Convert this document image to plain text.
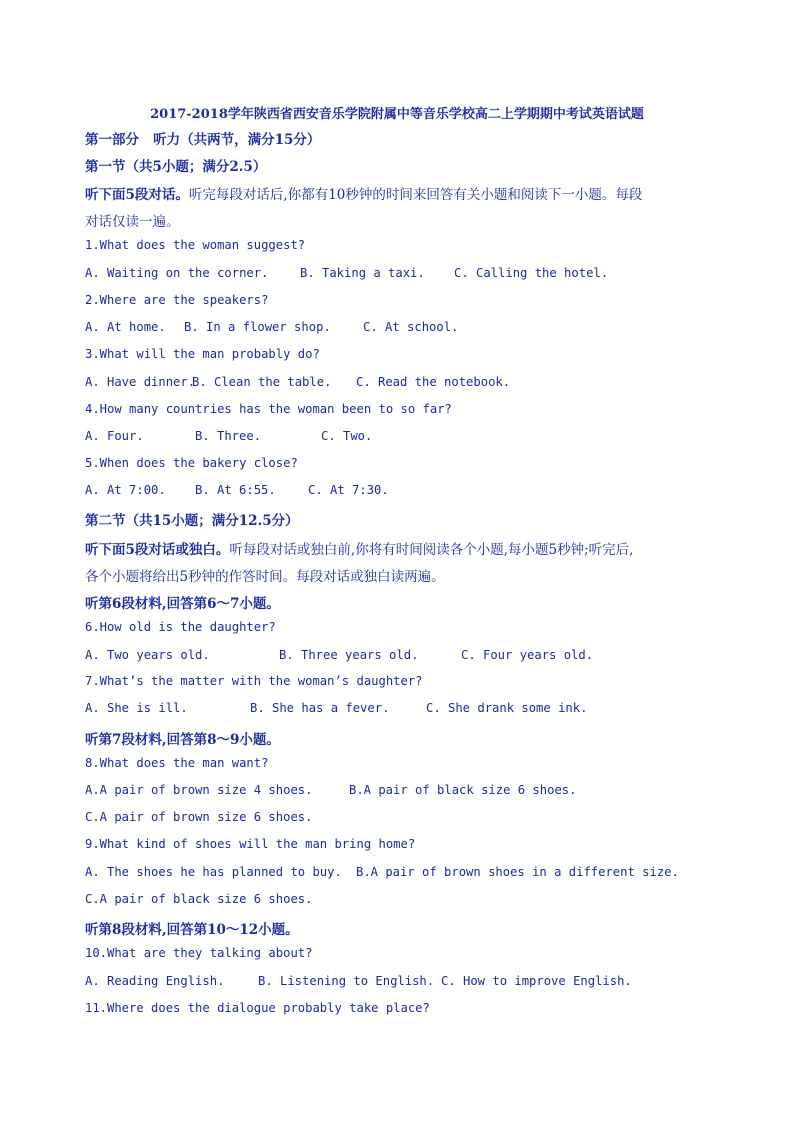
2017-2018学年陕西省西安音乐学院附属中等音乐学校高二上学期期中考试英语试题
第一部分   听力（共两节，满分15分）
第一节（共5小题；满分2.5）
听下面5段对话。听完每段对话后,你都有10秒钟的时间来回答有关小题和阅读下一小题。每段
对话仅读一遍。
1.What does the woman suggest?
A. Waiting on the corner.	B. Taking a taxi. C. Calling the hotel.
2.Where are the speakers?
A. At home. B. In a flower shop.	C. At school.
3.What will the man probably do?
A. Have dinner.
B. Clean the table. C. Read the notebook.
4.How many countries has the woman been to so far?
A. Four.	B. Three.	C. Two.
5.When does the bakery close?
A. At 7:00. B. At 6:55.	C. At 7:30.
第二节（共15小题；满分12.5分）
听下面5段对话或独白。听每段对话或独白前,你将有时间阅读各个小题,每小题5秒钟;听完后,
各个小题将给出5秒钟的作答时间。每段对话或独白读两遍。
听第6段材料,回答第6～7小题。
6.How old is the daughter?
A. Two years old.	B. Three years old.	C. Four years old.
7.What’s the matter with the woman’s daughter?
A. She is ill.	B. She has a fever.	C. She drank some ink.
听第7段材料,回答第8～9小题。
8.What does the man want?
A.A pair of brown size 4 shoes.	B.A pair of black size 6 shoes.
C.A pair of brown size 6 shoes.
9.What kind of shoes will the man bring home?
A. The shoes he has planned to buy. B.A pair of brown shoes in a different size.
C.A pair of black size 6 shoes.
听第8段材料,回答第10～12小题。
10.What are they talking about?
A. Reading English.	B. Listening to English. C. How to improve English.
11.Where does the dialogue probably take place?
